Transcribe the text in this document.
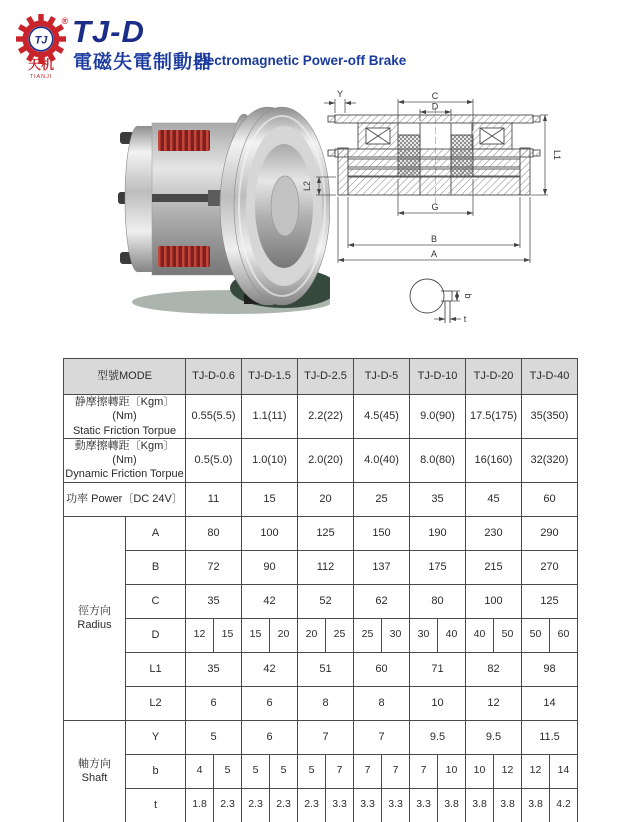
TJ
®
天机
TIANJI
TJ-D
電磁失電制動器
Electromagnetic Power-off Brake
C
D
Y
G
B
A
L1
L2
b
t
型號MODE		TJ-D-0.6		TJ-D-1.5		TJ-D-2.5		TJ-D-5		TJ-D-10		TJ-D-20		TJ-D-40	

静摩擦轉距〔Kgm〕(Nm)
Static Friction Torpue		0.55(5.5)		1.1(11)		2.2(22)		4.5(45)		9.0(90)		17.5(175)		35(350)	

動摩擦轉距〔Kgm〕(Nm)
Dynamic Friction Torpue		0.5(5.0)		1.0(10)		2.0(20)		4.0(40)		8.0(80)		16(160)		32(320)	

功率 Power〔DC 24V〕		11		15		20		25		35		45		60	

徑方向
Radius	A	80		100		125		150		190		230		290	

	B	72		90		112		137		175		215		270	

	C	35		42		52		62		80		100		125	

	D	12	15	15	20	20	25	25	30	30	40	40	50	50	60

	L1	35		42		51		60		71		82		98	

	L2	6		6		8		8		10		12		14	

軸方向
Shaft	Y	5		6		7		7		9.5		9.5		11.5	

	b	4	5	5	5	5	7	7	7	7	10	10	12	12	14

	t	1.8	2.3	2.3	2.3	2.3	3.3	3.3	3.3	3.3	3.8	3.8	3.8	3.8	4.2
